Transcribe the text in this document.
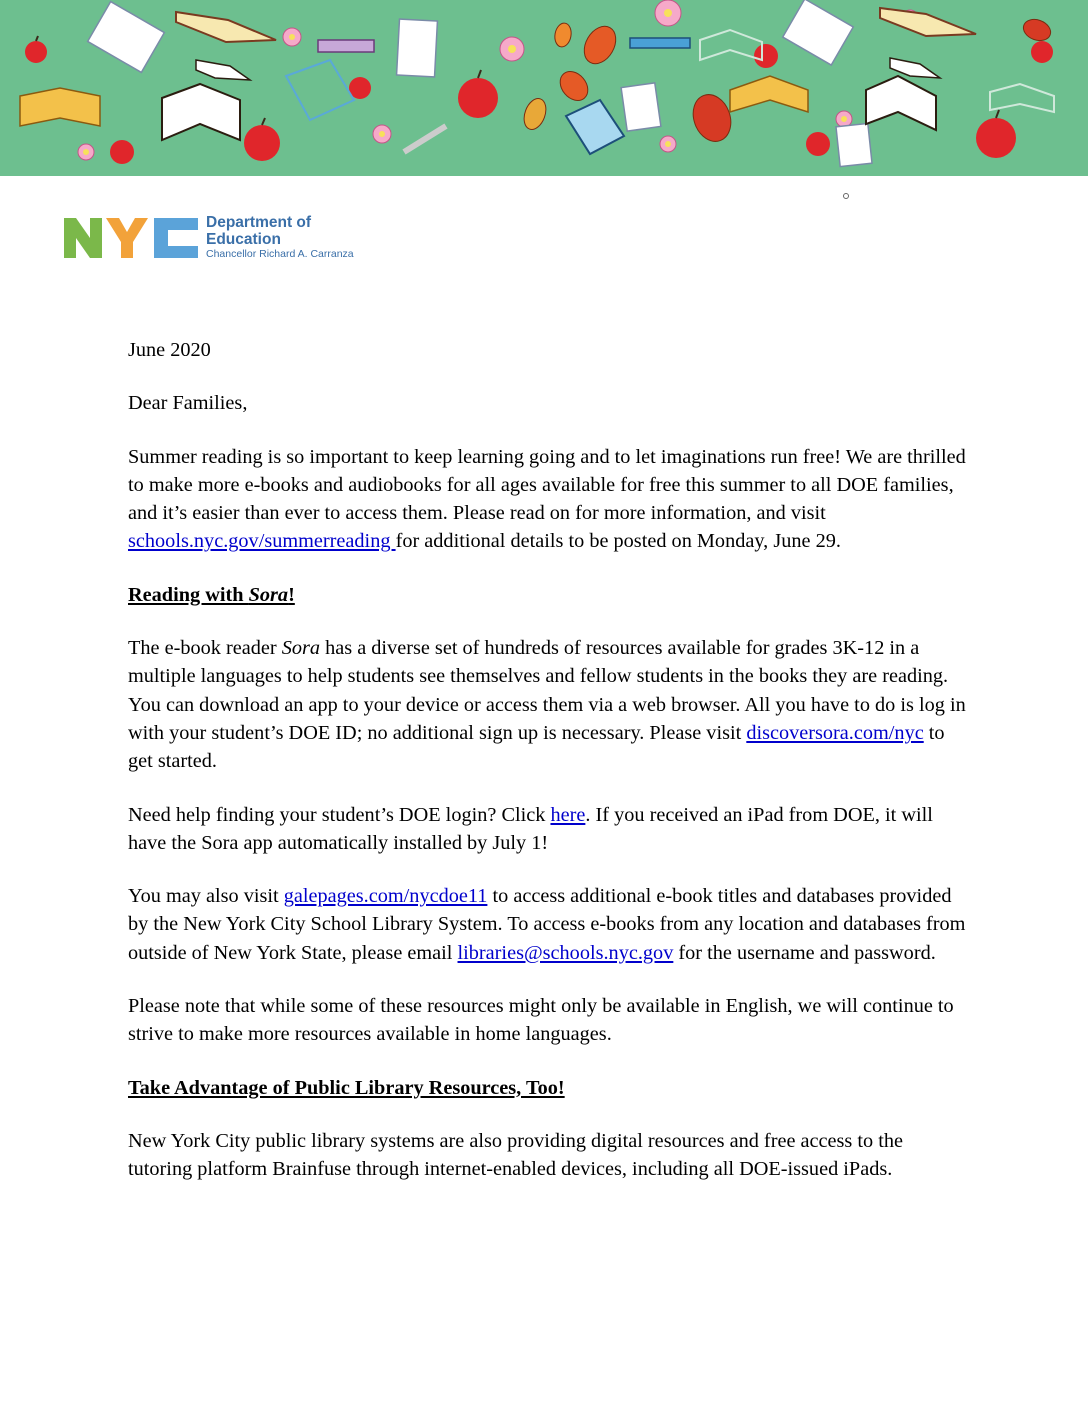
Department of
Education
Chancellor Richard A. Carranza

June 2020

Dear Families,

Summer reading is so important to keep learning going and to let imaginations run free! We are thrilled to make more e-books and audiobooks for all ages available for free this summer to all DOE families, and it’s easier than ever to access them. Please read on for more information, and visit schools.nyc.gov/summerreading for additional details to be posted on Monday, June 29.

Reading with Sora!

The e-book reader Sora has a diverse set of hundreds of resources available for grades 3K-12 in a multiple languages to help students see themselves and fellow students in the books they are reading. You can download an app to your device or access them via a web browser. All you have to do is log in with your student’s DOE ID; no additional sign up is necessary. Please visit discoversora.com/nyc to get started.

Need help finding your student’s DOE login? Click here. If you received an iPad from DOE, it will have the Sora app automatically installed by July 1!

You may also visit galepages.com/nycdoe11 to access additional e-book titles and databases provided by the New York City School Library System. To access e-books from any location and databases from outside of New York State, please email libraries@schools.nyc.gov for the username and password.

Please note that while some of these resources might only be available in English, we will continue to strive to make more resources available in home languages.

Take Advantage of Public Library Resources, Too!

New York City public library systems are also providing digital resources and free access to the tutoring platform Brainfuse through internet-enabled devices, including all DOE-issued iPads.
